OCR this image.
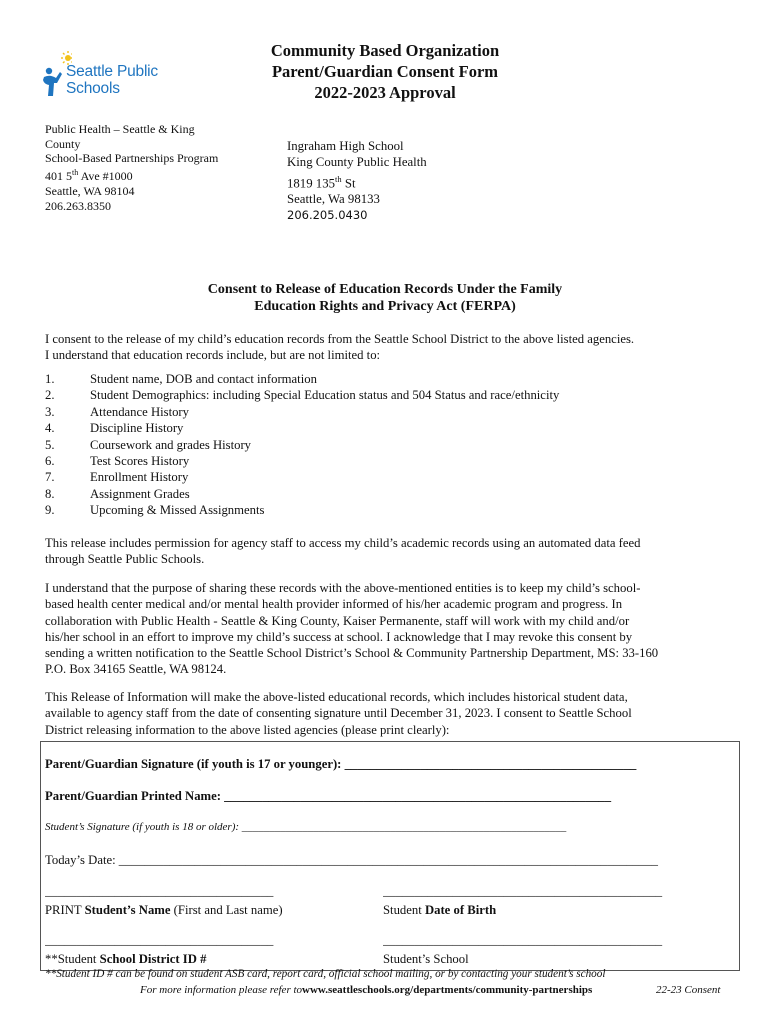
Seattle Public
Schools
Community Based Organization
Parent/Guardian Consent Form
2022-2023 Approval
Public Health – Seattle & King
County
School-Based Partnerships Program
401 5th Ave #1000
Seattle, WA 98104
206.263.8350
Ingraham High School
King County Public Health
1819 135th St
Seattle, Wa 98133
206.205.0430
Consent to Release of Education Records Under the Family
Education Rights and Privacy Act (FERPA)
I consent to the release of my child’s education records from the Seattle School District to the above listed agencies.
I understand that education records include, but are not limited to:
1.	Student name, DOB and contact information
2.	Student Demographics: including Special Education status and 504 Status and race/ethnicity
3.	Attendance History
4.	Discipline History
5.	Coursework and grades History
6.	Test Scores History
7.	Enrollment History
8.	Assignment Grades
9.	Upcoming & Missed Assignments
This release includes permission for agency staff to access my child’s academic records using an automated data feed
through Seattle Public Schools.
I understand that the purpose of sharing these records with the above-mentioned entities is to keep my child’s school-
based health center medical and/or mental health provider informed of his/her academic program and progress. In
collaboration with Public Health - Seattle & King County, Kaiser Permanente, staff will work with my child and/or
his/her school in an effort to improve my child’s success at school. I acknowledge that I may revoke this consent by
sending a written notification to the Seattle School District’s School & Community Partnership Department, MS: 33-160
P.O. Box 34165 Seattle, WA 98124.
This Release of Information will make the above-listed educational records, which includes historical student data,
available to agency staff from the date of consenting signature until December 31, 2023. I consent to Seattle School
District releasing information to the above listed agencies (please print clearly):
Parent/Guardian Signature (if youth is 17 or younger): ______________________________________________
Parent/Guardian Printed Name: _____________________________________________________________
Student’s Signature (if youth is 18 or older): ___________________________________________________________
Today’s Date: _____________________________________________________________________________________
____________________________________	____________________________________________
PRINT Student’s Name (First and Last name)	Student Date of Birth
____________________________________	____________________________________________
**Student School District ID #	Student’s School
**Student ID # can be found on student ASB card, report card, official school mailing, or by contacting your student’s school
For more information please refer towww.seattleschools.org/departments/community-partnerships	22-23 Consent
